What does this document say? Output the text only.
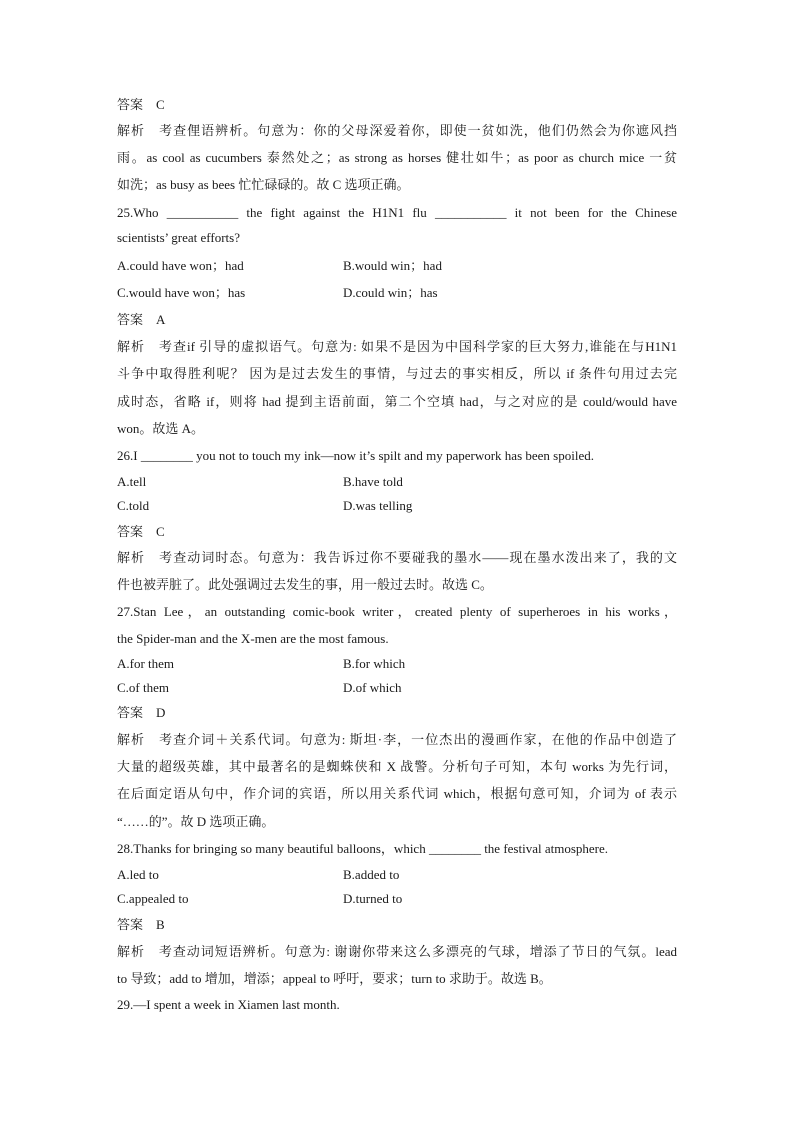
答案　C
解析　考查俚语辨析。句意为：你的父母深爱着你，即使一贫如洗，他们仍然会为你遮风挡
雨。as cool as cucumbers 泰然处之；as strong as horses 健壮如牛；as poor as church mice 一贫
如洗；as busy as bees 忙忙碌碌的。故 C 选项正确。
25.Who ___________ the fight against the H1N1 flu ___________ it not been for the Chinese
scientists’ great efforts?
A.could have won；had	B.would win；had
C.would have won；has	D.could win；has
答案　A
解析　考查if 引导的虚拟语气。句意为: 如果不是因为中国科学家的巨大努力,谁能在与H1N1
斗争中取得胜利呢？ 因为是过去发生的事情，与过去的事实相反，所以 if 条件句用过去完
成时态，省略 if，则将 had 提到主语前面，第二个空填 had，与之对应的是 could/would have
won。故选 A。
26.I ________ you not to touch my ink—now it’s spilt and my paperwork has been spoiled.
A.tell	B.have told
C.told	D.was telling
答案　C
解析　考查动词时态。句意为：我告诉过你不要碰我的墨水——现在墨水泼出来了，我的文
件也被弄脏了。此处强调过去发生的事，用一般过去时。故选 C。
27.Stan Lee，an outstanding comic-book writer，created plenty of superheroes in his works，
the Spider-man and the X-men are the most famous.
A.for them	B.for which
C.of them	D.of which
答案　D
解析　考查介词＋关系代词。句意为: 斯坦·李，一位杰出的漫画作家，在他的作品中创造了
大量的超级英雄，其中最著名的是蜘蛛侠和 X 战警。分析句子可知，本句 works 为先行词，
在后面定语从句中，作介词的宾语，所以用关系代词 which，根据句意可知，介词为 of 表示
“……的”。故 D 选项正确。
28.Thanks for bringing so many beautiful balloons，which ________ the festival atmosphere.
A.led to	B.added to
C.appealed to	D.turned to
答案　B
解析　考查动词短语辨析。句意为: 谢谢你带来这么多漂亮的气球，增添了节日的气氛。lead
to 导致；add to 增加，增添；appeal to 呼吁，要求；turn to 求助于。故选 B。
29.—I spent a week in Xiamen last month.
